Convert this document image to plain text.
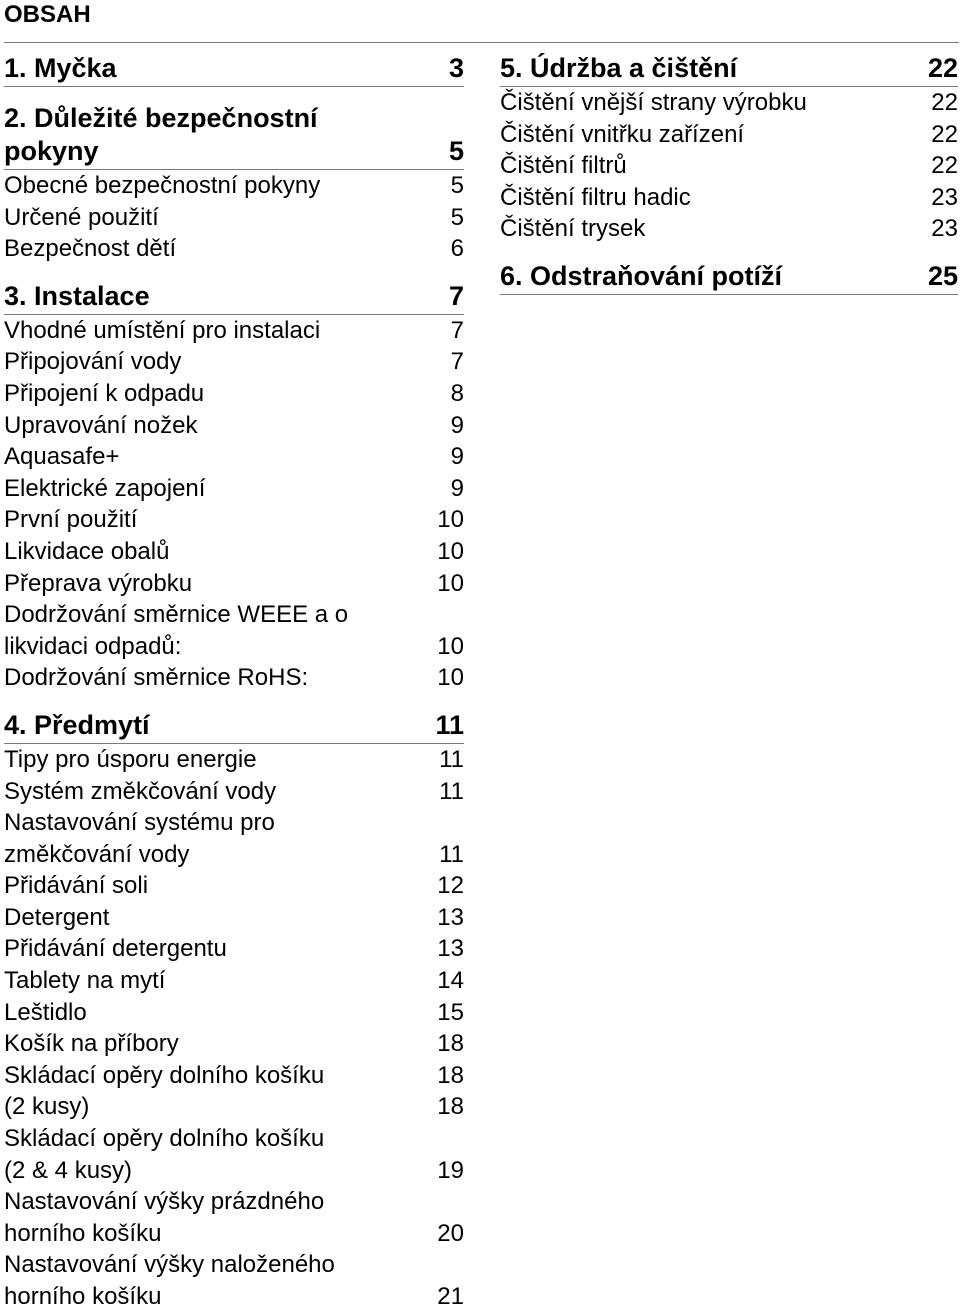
OBSAH
1. Myčka	3
2. Důležité bezpečnostní
pokyny	5
Obecné bezpečnostní pokyny	5
Určené použití	5
Bezpečnost dětí	6
3. Instalace	7
Vhodné umístění pro instalaci	7
Připojování vody	7
Připojení k odpadu	8
Upravování nožek	9
Aquasafe+	9
Elektrické zapojení	9
První použití	10
Likvidace obalů	10
Přeprava výrobku	10
Dodržování směrnice WEEE a o
likvidaci odpadů:	10
Dodržování směrnice RoHS:	10
4. Předmytí	11
Tipy pro úsporu energie	11
Systém změkčování vody	11
Nastavování systému pro
změkčování vody	11
Přidávání soli	12
Detergent	13
Přidávání detergentu	13
Tablety na mytí	14
Leštidlo	15
Košík na příbory	18
Skládací opěry dolního košíku	18
(2 kusy)	18
Skládací opěry dolního košíku
(2 & 4 kusy)	19
Nastavování výšky prázdného
horního košíku	20
Nastavování výšky naloženého
horního košíku	21
5. Údržba a čištění	22
Čištění vnější strany výrobku	22
Čištění vnitřku zařízení	22
Čištění filtrů	22
Čištění filtru hadic	23
Čištění trysek	23
6. Odstraňování potíží	25
